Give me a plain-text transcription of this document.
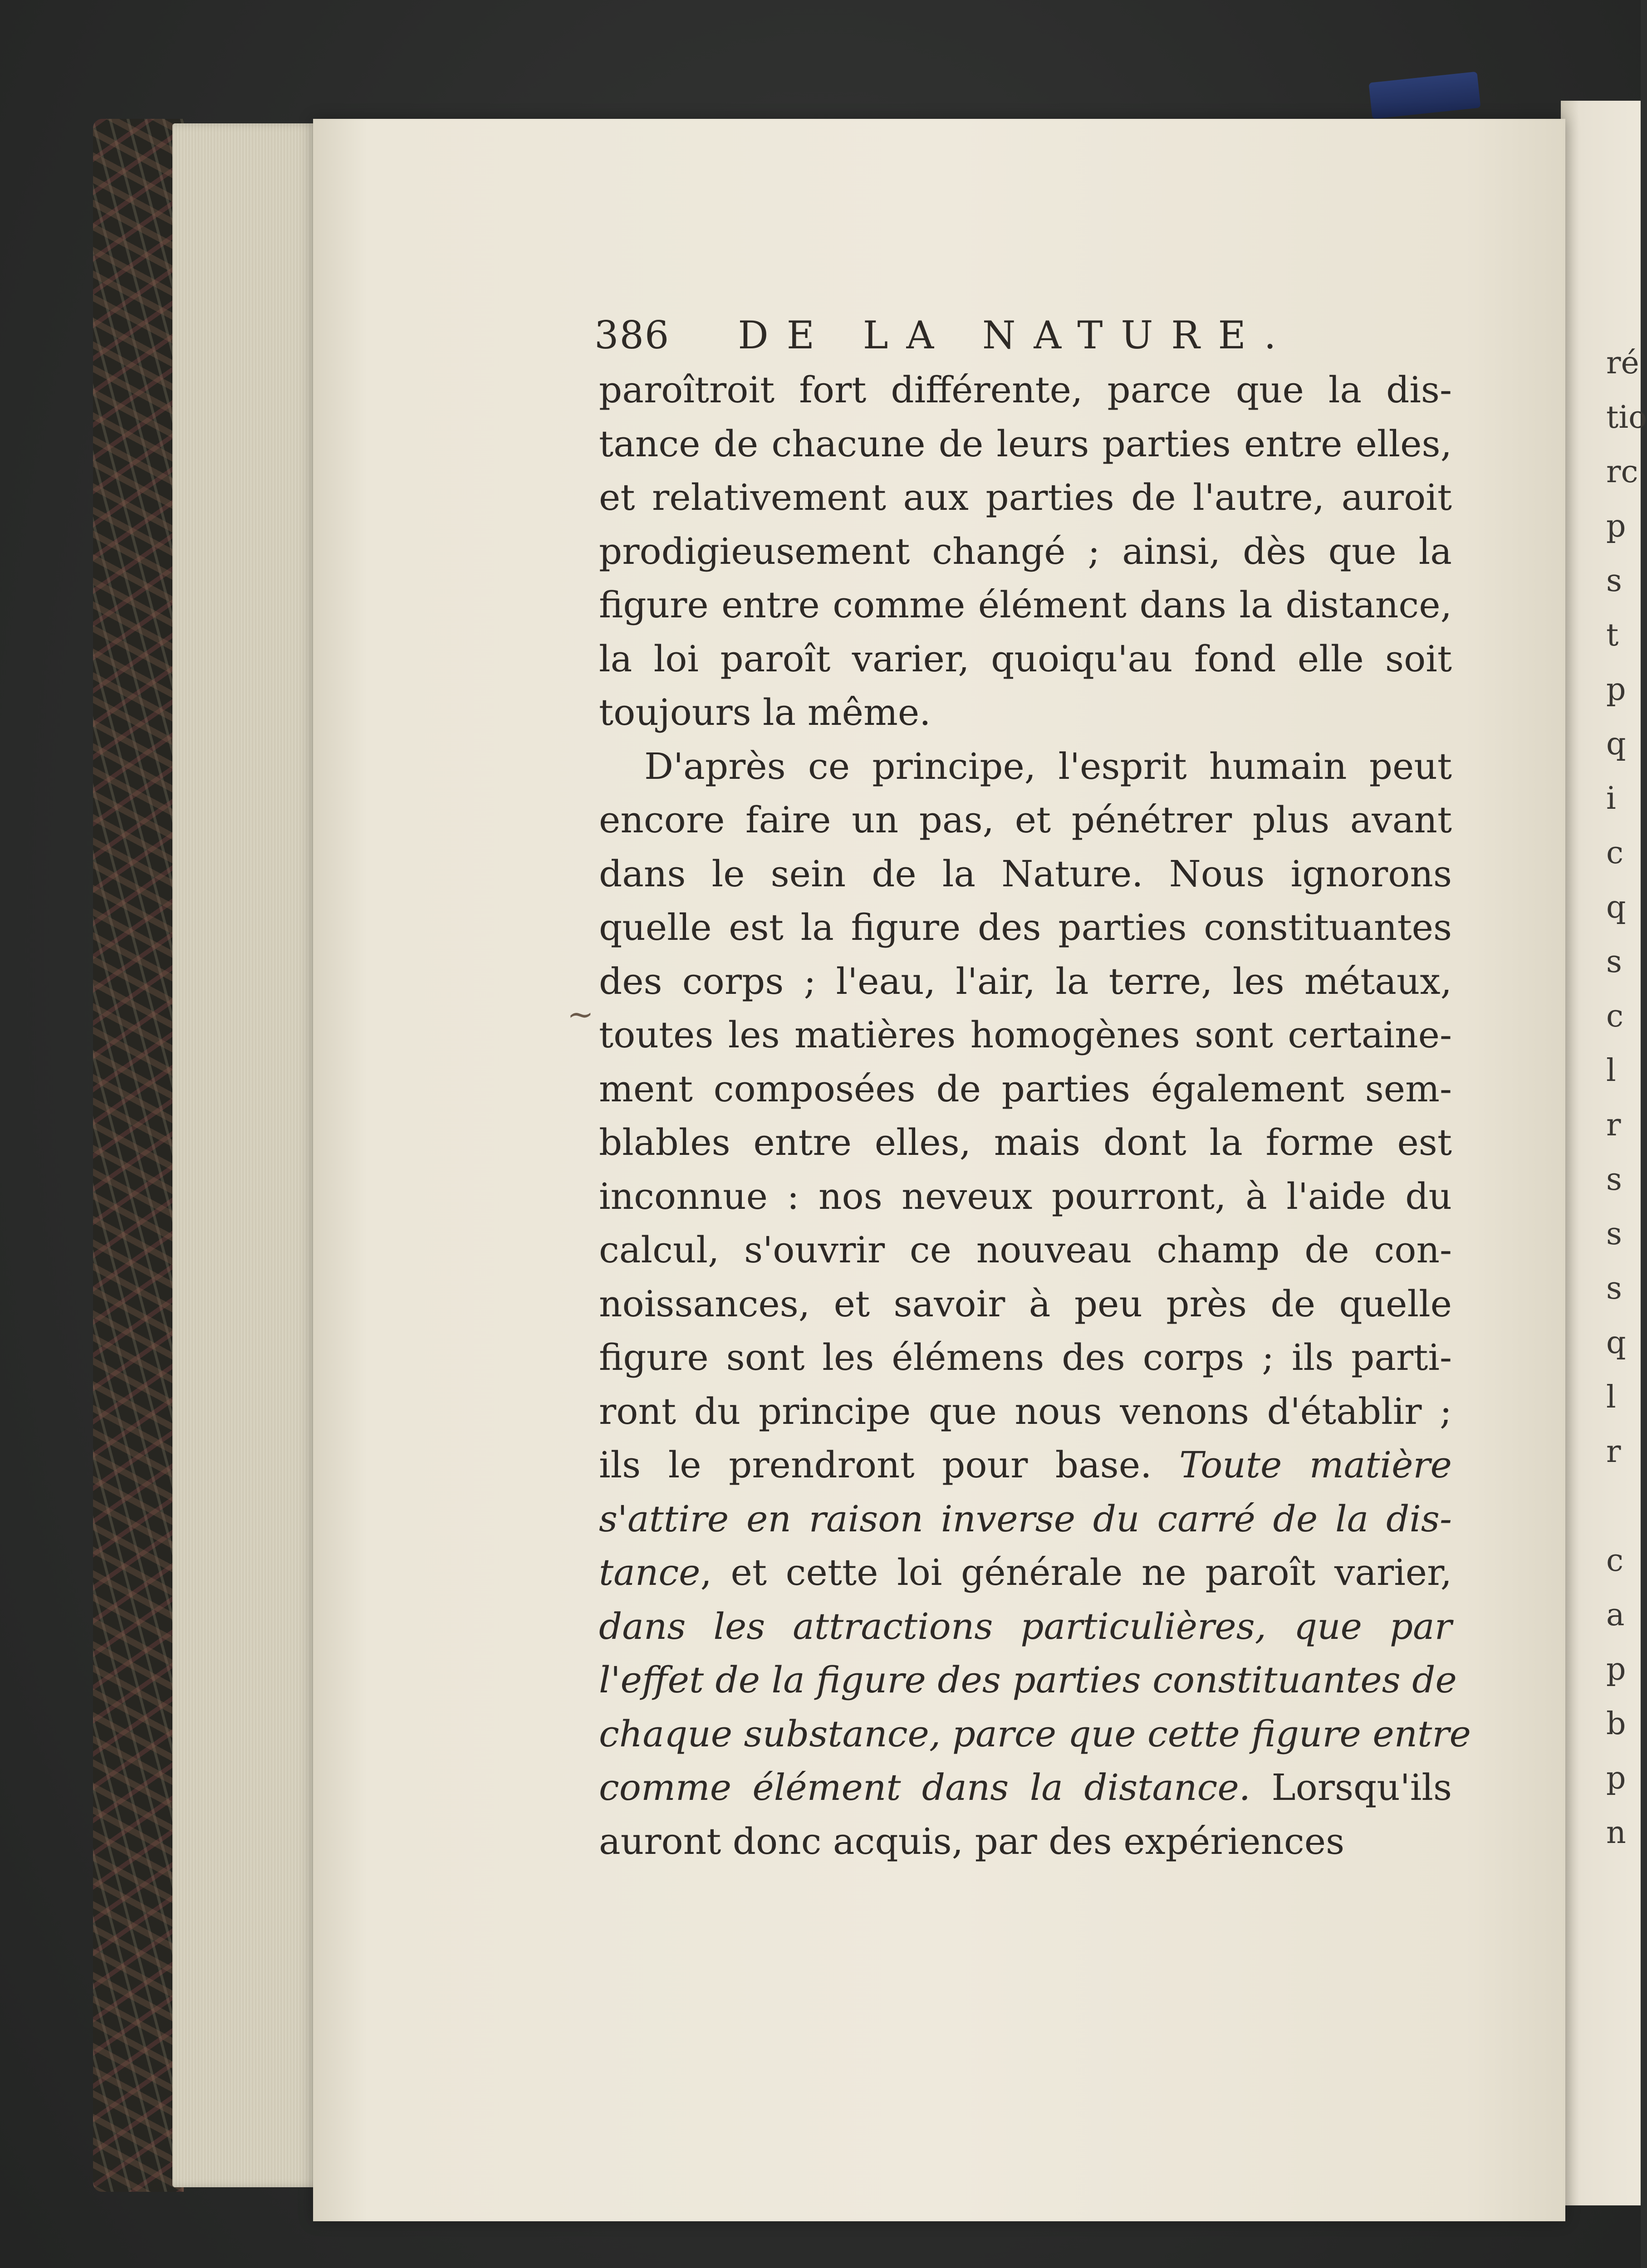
ré
tio
rc
p
s
t
p
q
i
c
q
s
c
l
r
s
s
s
q
l
r
c
a
p
b
p
n
386 DE LA NATURE.
~
paroîtroit fort différente, parce que la dis-
tance de chacune de leurs parties entre elles,
et relativement aux parties de l'autre, auroit
prodigieusement changé ; ainsi, dès que la
figure entre comme élément dans la distance,
la loi paroît varier, quoiqu'au fond elle soit
toujours la même.
D'après ce principe, l'esprit humain peut
encore faire un pas, et pénétrer plus avant
dans le sein de la Nature. Nous ignorons
quelle est la figure des parties constituantes
des corps ; l'eau, l'air, la terre, les métaux,
toutes les matières homogènes sont certaine-
ment composées de parties également sem-
blables entre elles, mais dont la forme est
inconnue : nos neveux pourront, à l'aide du
calcul, s'ouvrir ce nouveau champ de con-
noissances, et savoir à peu près de quelle
figure sont les élémens des corps ; ils parti-
ront du principe que nous venons d'établir ;
ils le prendront pour base. Toute matière
s'attire en raison inverse du carré de la dis-
tance, et cette loi générale ne paroît varier,
dans les attractions particulières, que par
l'effet de la figure des parties constituantes de
chaque substance, parce que cette figure entre
comme élément dans la distance. Lorsqu'ils
auront donc acquis, par des expériences
